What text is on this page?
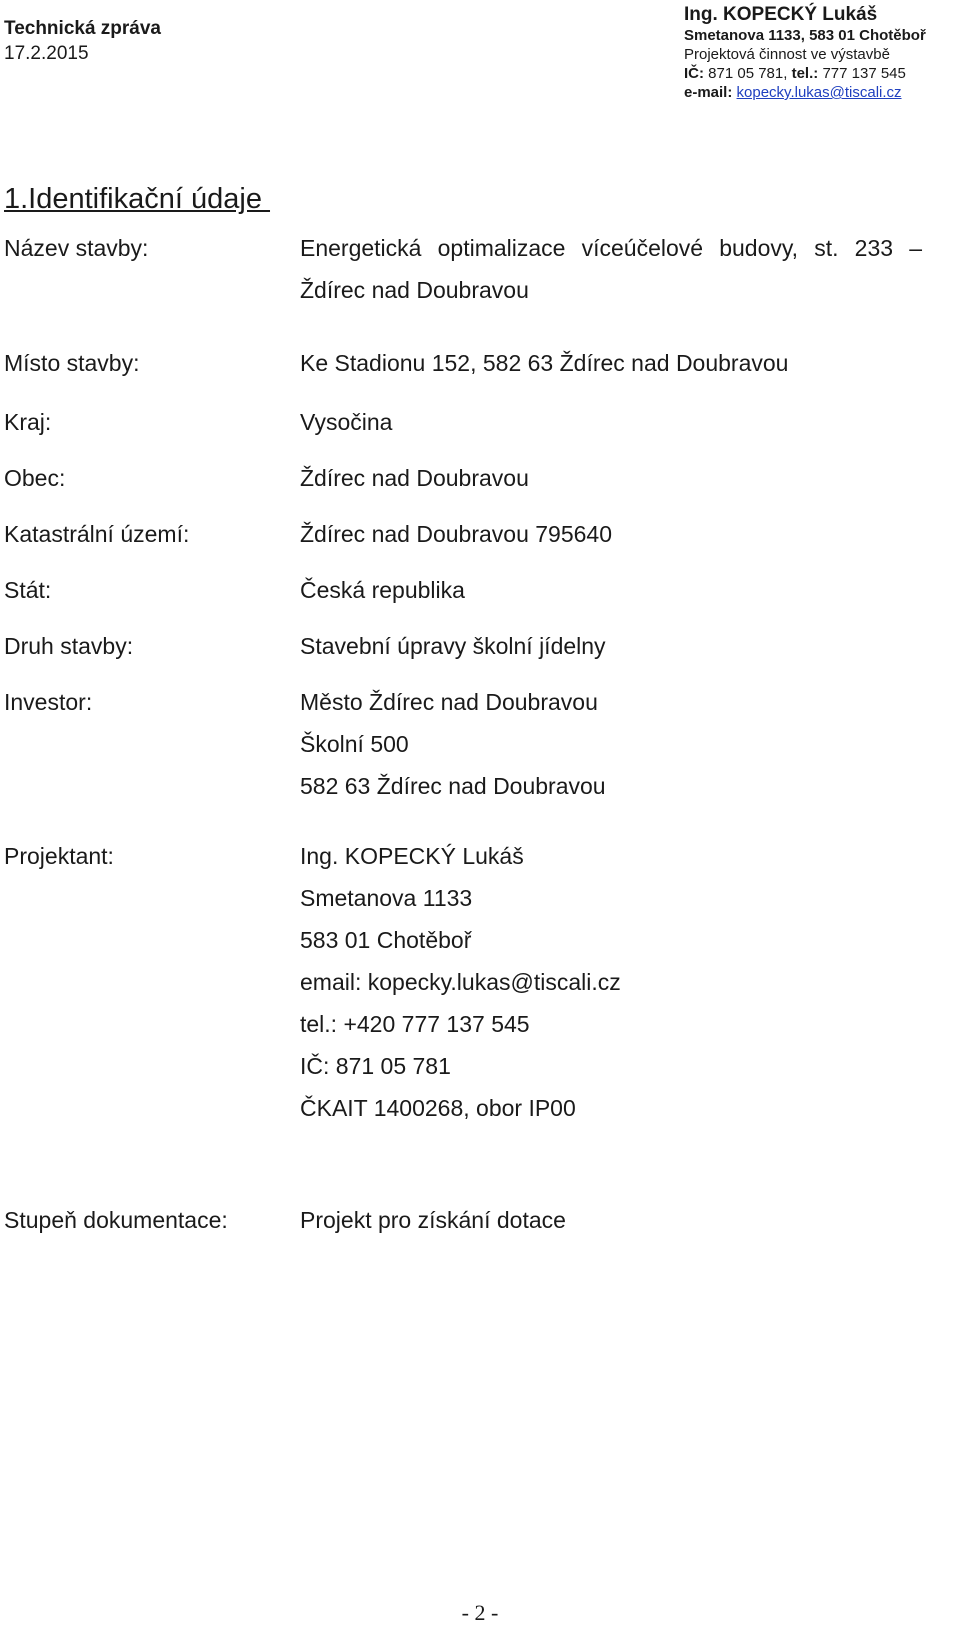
Technická zpráva
17.2.2015
Ing. KOPECKÝ Lukáš
Smetanova 1133, 583 01 Chotěboř
Projektová činnost ve výstavbě
IČ: 871 05 781, tel.: 777 137 545
e-mail: kopecky.lukas@tiscali.cz
1.Identifikační údaje
Název stavby:	Energetická optimalizace víceúčelové budovy, st. 233 –
Ždírec nad Doubravou
Místo stavby:	Ke Stadionu 152, 582 63 Ždírec nad Doubravou
Kraj:	Vysočina
Obec:	Ždírec nad Doubravou
Katastrální území:	Ždírec nad Doubravou 795640
Stát:	Česká republika
Druh stavby:	Stavební úpravy školní jídelny
Investor:	Město Ždírec nad Doubravou
Školní 500
582 63 Ždírec nad Doubravou
Projektant:	Ing. KOPECKÝ Lukáš
Smetanova 1133
583 01 Chotěboř
email: kopecky.lukas@tiscali.cz
tel.: +420 777 137 545
IČ: 871 05 781
ČKAIT 1400268, obor IP00
Stupeň dokumentace:	Projekt pro získání dotace
- 2 -
